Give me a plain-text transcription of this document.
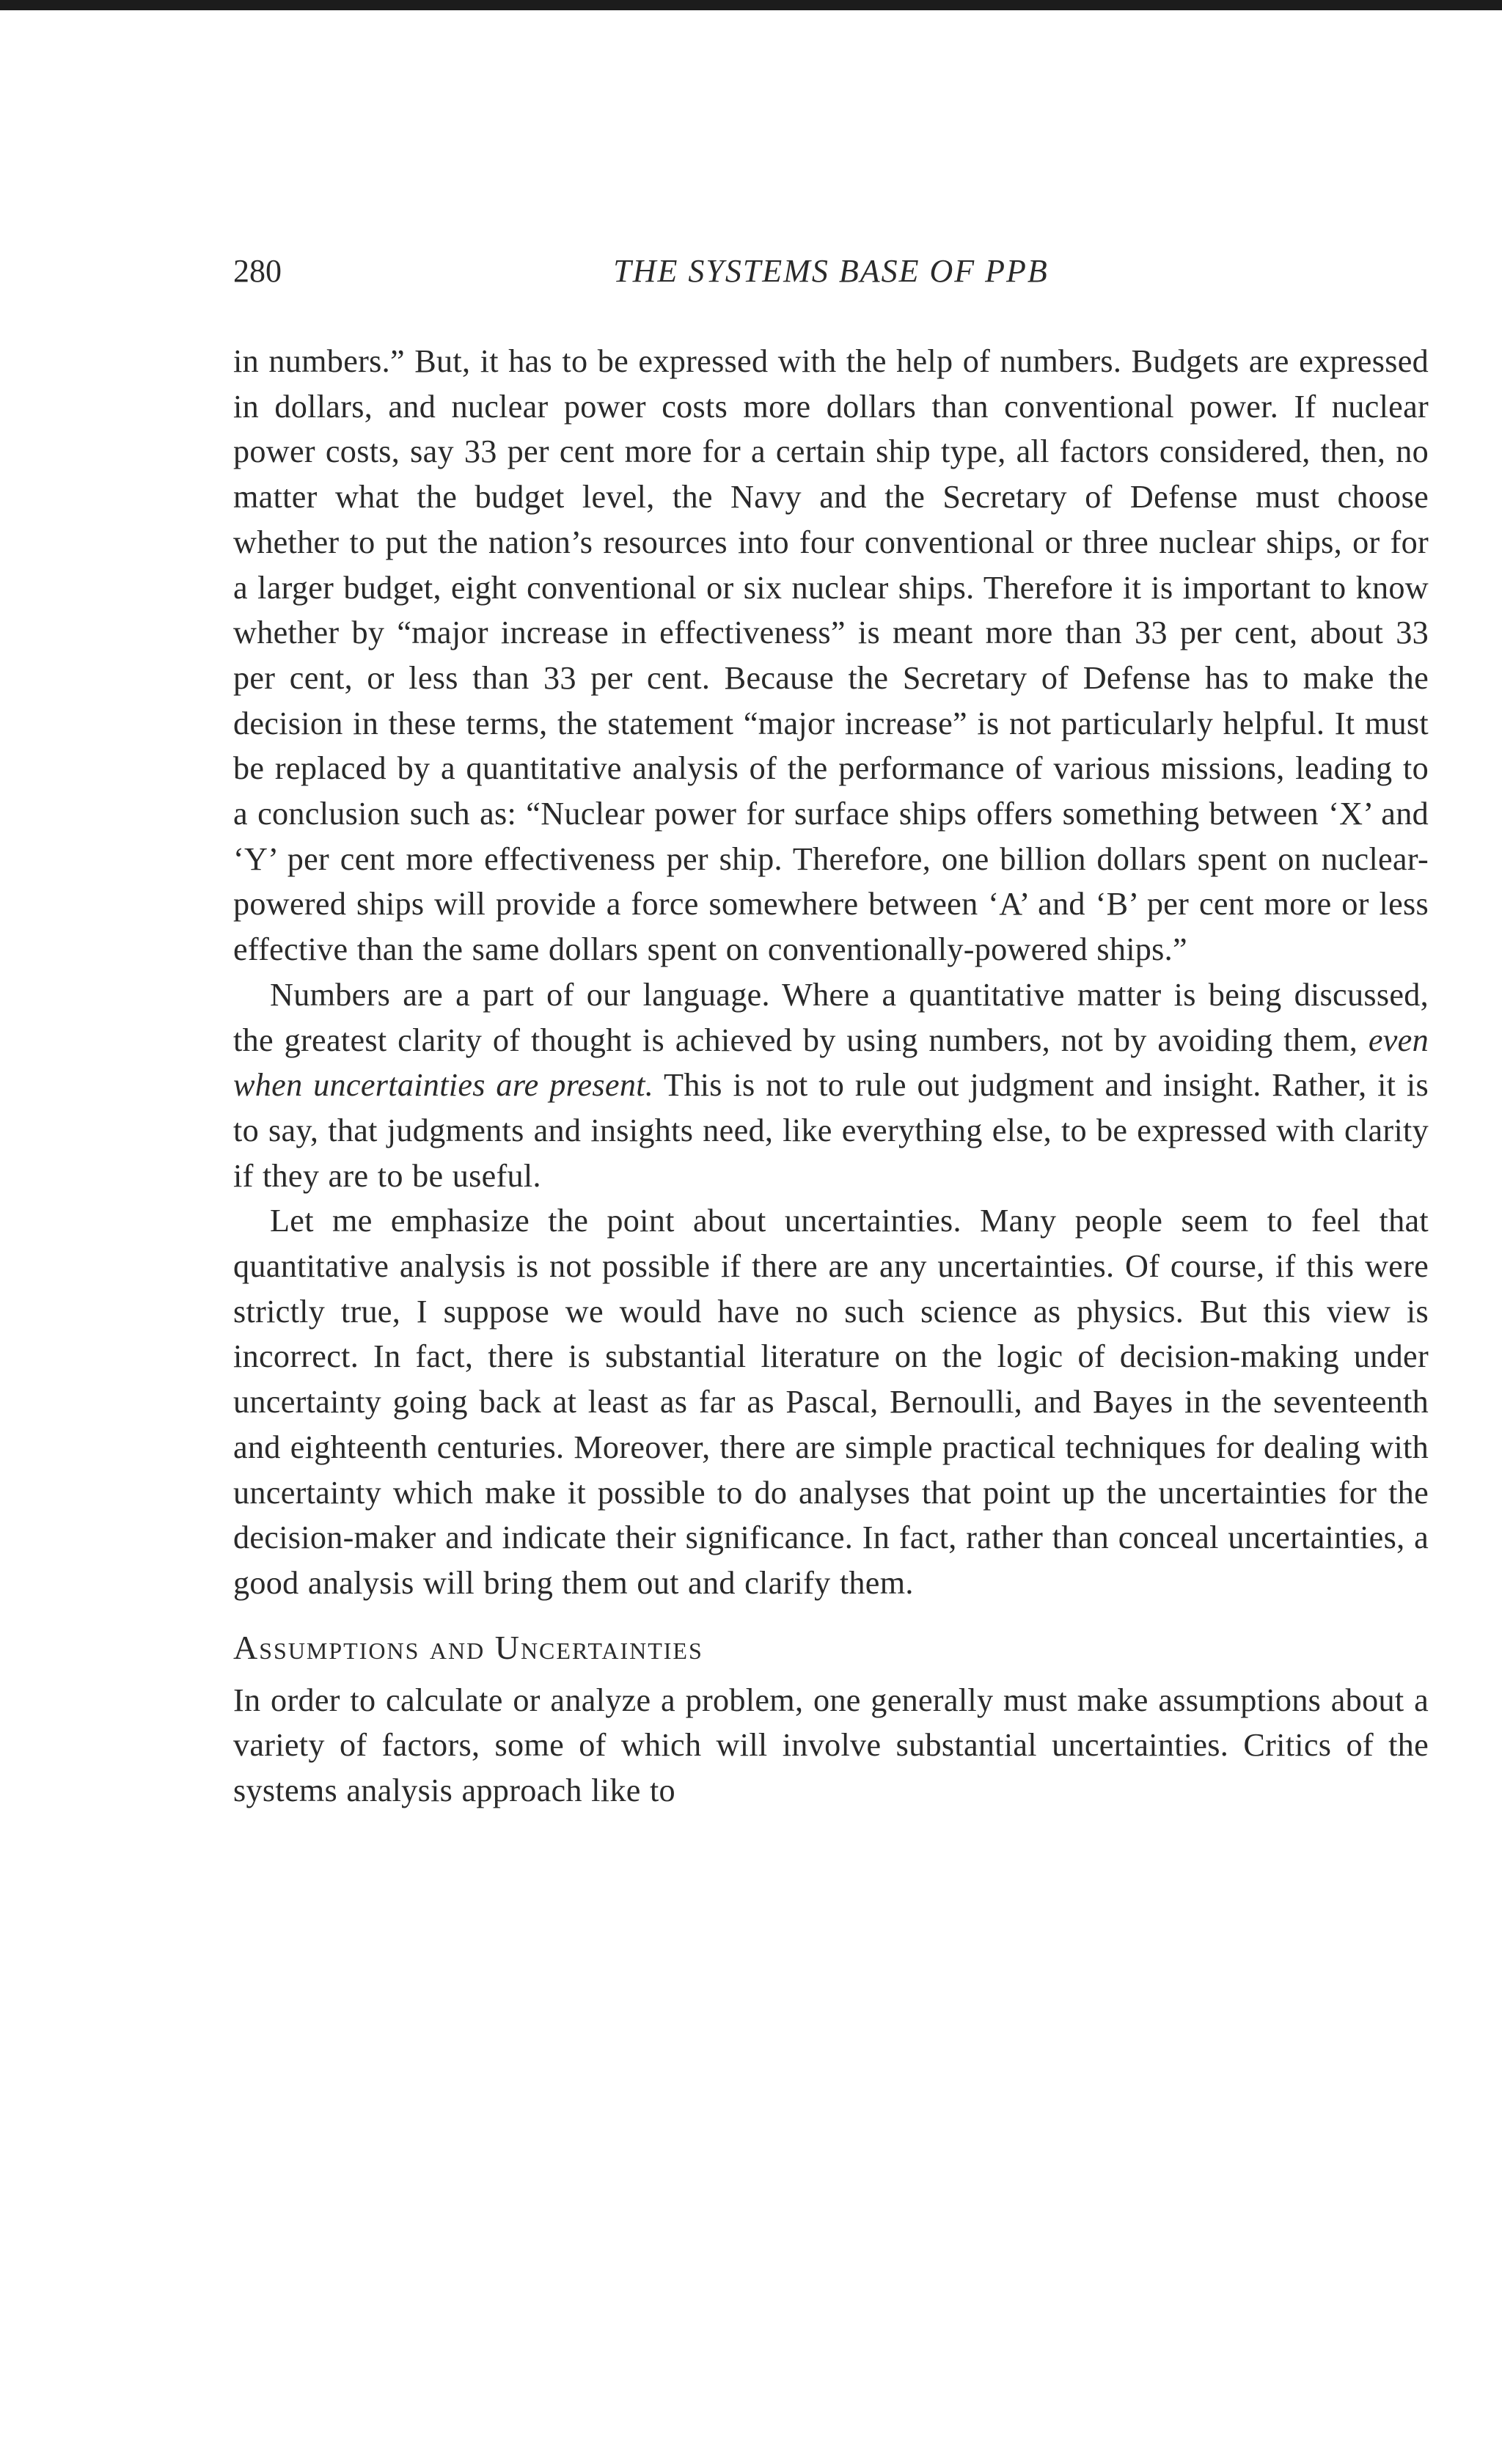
280	THE SYSTEMS BASE OF PPB

in numbers.” But, it has to be expressed with the help of numbers. Budgets are expressed in dollars, and nuclear power costs more dollars than conventional power. If nuclear power costs, say 33 per cent more for a certain ship type, all factors considered, then, no matter what the budget level, the Navy and the Secretary of Defense must choose whether to put the nation’s resources into four conventional or three nuclear ships, or for a larger budget, eight conventional or six nuclear ships. Therefore it is important to know whether by “major increase in effectiveness” is meant more than 33 per cent, about 33 per cent, or less than 33 per cent. Because the Secretary of Defense has to make the decision in these terms, the statement “major increase” is not particularly helpful. It must be replaced by a quantitative analysis of the performance of various missions, leading to a conclusion such as: “Nuclear power for surface ships offers something between ‘X’ and ‘Y’ per cent more effectiveness per ship. Therefore, one billion dollars spent on nuclear-powered ships will provide a force somewhere between ‘A’ and ‘B’ per cent more or less effective than the same dollars spent on conventionally-powered ships.”

Numbers are a part of our language. Where a quantitative matter is being discussed, the greatest clarity of thought is achieved by using numbers, not by avoiding them, even when uncertainties are present. This is not to rule out judgment and insight. Rather, it is to say, that judgments and insights need, like everything else, to be expressed with clarity if they are to be useful.

Let me emphasize the point about uncertainties. Many people seem to feel that quantitative analysis is not possible if there are any uncertainties. Of course, if this were strictly true, I suppose we would have no such science as physics. But this view is incorrect. In fact, there is substantial literature on the logic of decision-making under uncertainty going back at least as far as Pascal, Bernoulli, and Bayes in the seventeenth and eighteenth centuries. Moreover, there are simple practical techniques for dealing with uncertainty which make it possible to do analyses that point up the uncertainties for the decision-maker and indicate their significance. In fact, rather than conceal uncertainties, a good analysis will bring them out and clarify them.

Assumptions and Uncertainties

In order to calculate or analyze a problem, one generally must make assumptions about a variety of factors, some of which will involve substantial uncertainties. Critics of the systems analysis approach like to
